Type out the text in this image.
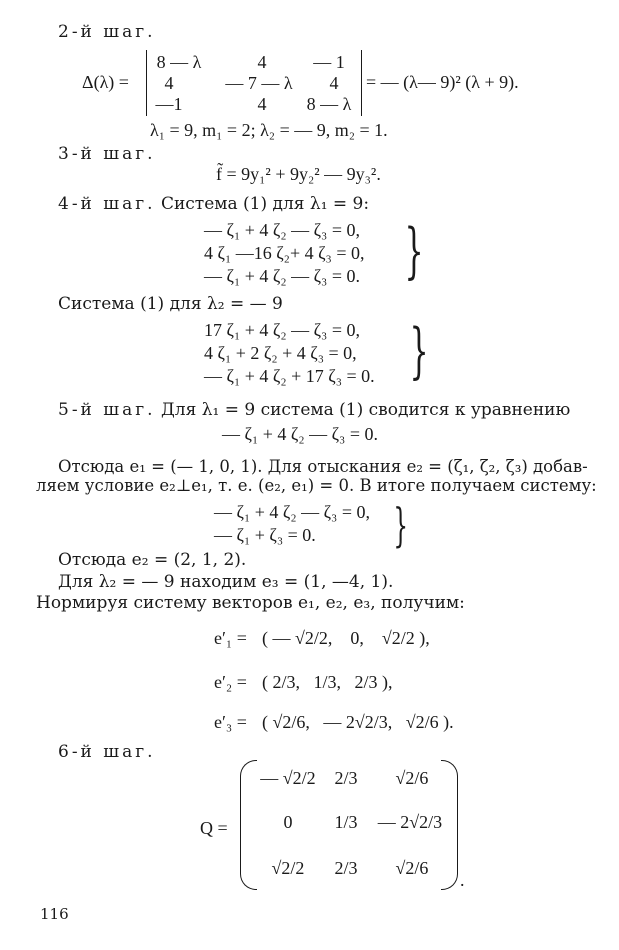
2-й шаг.
Δ(λ) =
8 — λ	4	— 1
4	— 7 — λ	4
—1	4	8 — λ
= — (λ— 9)² (λ + 9).
λ₁ = 9, m₁ = 2; λ₂ = — 9, m₂ = 1.
3-й шаг.
f̃ = 9y₁² + 9y₂² — 9y₃².
4-й шаг. Система (1) для λ₁ = 9:
— ζ₁ + 4 ζ₂ — ζ₃ = 0,
4 ζ₁ —16 ζ₂+ 4 ζ₃ = 0,
— ζ₁ + 4 ζ₂ — ζ₃ = 0. }
Система (1) для λ₂ = — 9
17 ζ₁ + 4 ζ₂ — ζ₃ = 0,
4 ζ₁ + 2 ζ₂ + 4 ζ₃ = 0,
— ζ₁ + 4 ζ₂ + 17 ζ₃ = 0. }
5-й шаг. Для λ₁ = 9 система (1) сводится к уравнению
— ζ₁ + 4 ζ₂ — ζ₃ = 0.
Отсюда e₁ = (— 1, 0, 1). Для отыскания e₂ = (ζ₁, ζ₂, ζ₃) добав-
ляем условие e₂⊥e₁, т. е. (e₂, e₁) = 0. В итоге получаем систему:
— ζ₁ + 4 ζ₂ — ζ₃ = 0,
— ζ₁ + ζ₃ = 0. }
Отсюда e₂ = (2, 1, 2).
Для λ₂ = — 9 находим e₃ = (1, —4, 1).
Нормируя систему векторов e₁, e₂, e₃, получим:
e′₁ = ( — √2/2,    0,    √2/2 ),
e′₂ = ( 2/3,   1/3,   2/3 ),
e′₃ = ( √2/6,   — 2√2/3,   √2/6 ).
6-й шаг.
Q =
— √2/2	2/3	√2/6
0	1/3	— 2√2/3
√2/2	2/3	√2/6
.
116
